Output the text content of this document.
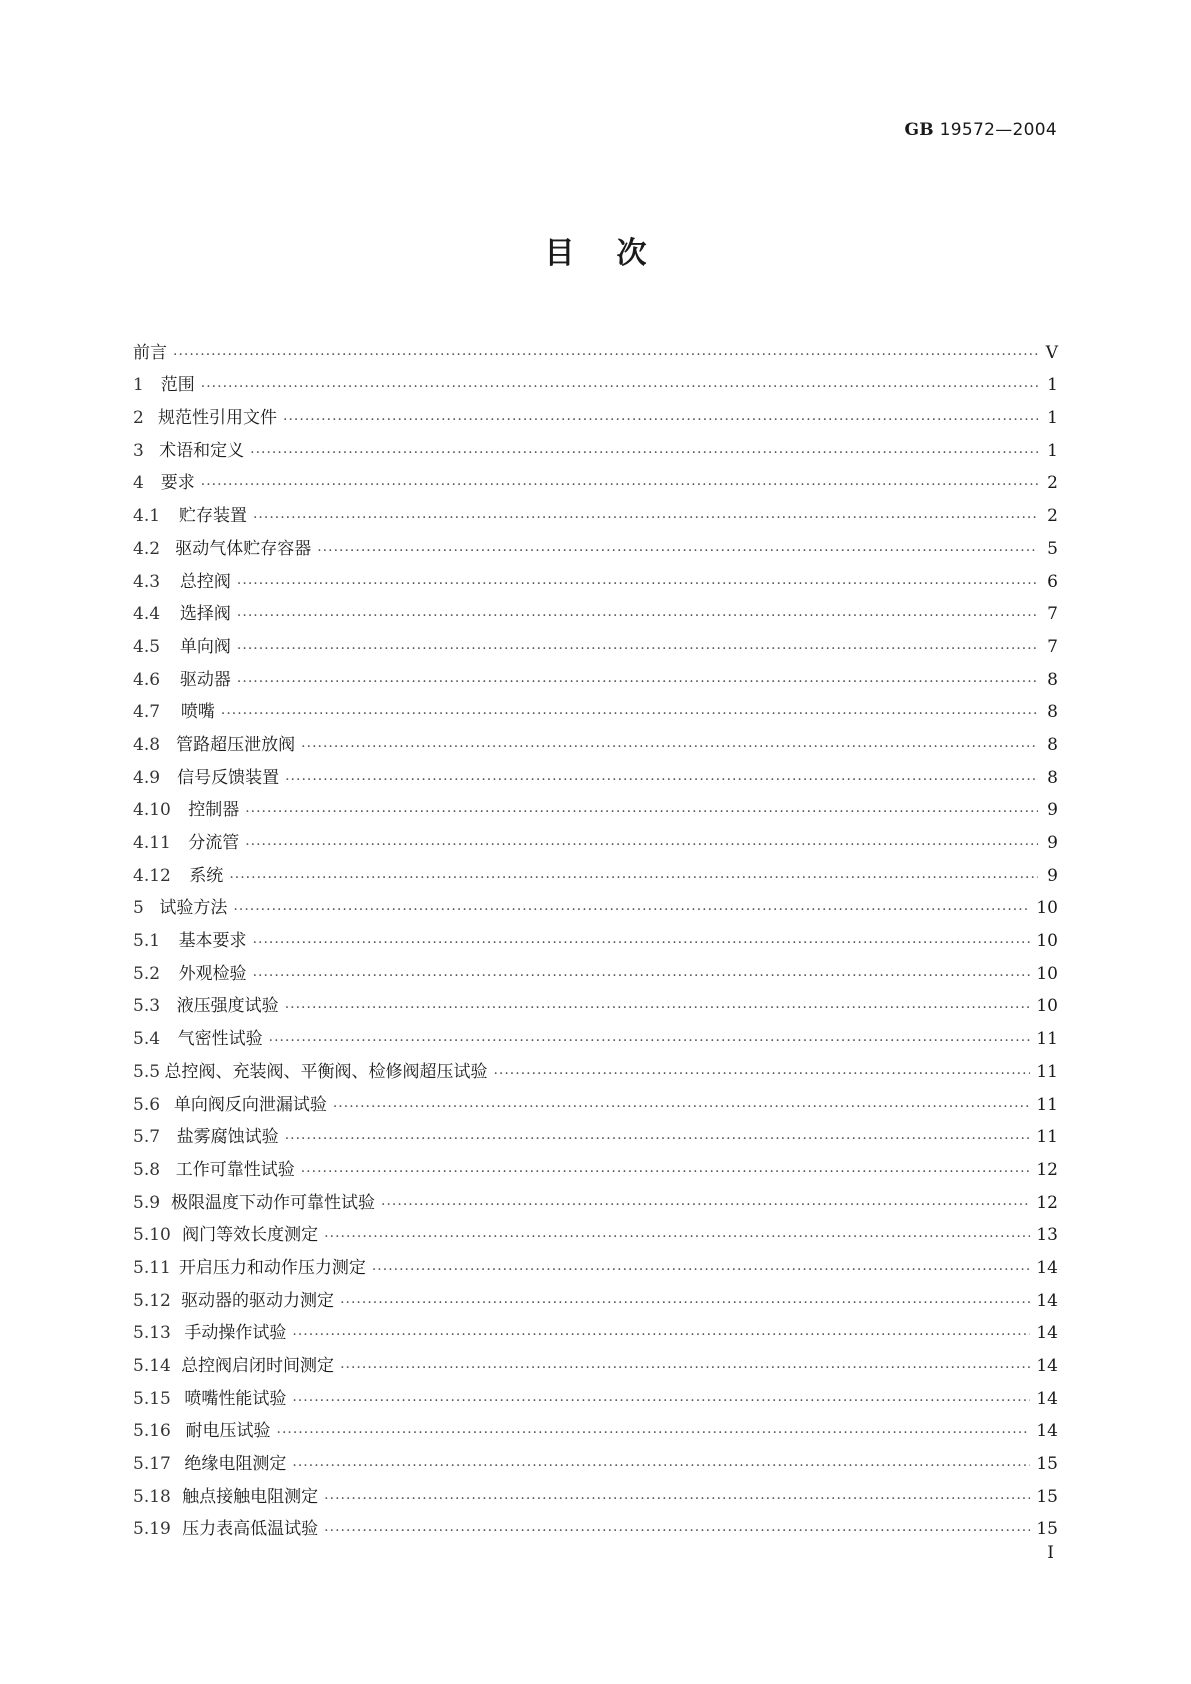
GB 19572—2004
目次
前言 ·····	V
1 范围 ·····	1
2 规范性引用文件 ·····	1
3 术语和定义 ·····	1
4 要求 ·····	2
4.1	贮存装置 ·····	2
4.2 驱动气体贮存容器 ·····	5
4.3	总控阀 ·····	6
4.4	选择阀 ·····	7
4.5	单向阀 ·····	7
4.6	驱动器 ·····	8
4.7	喷嘴 ·····	8
4.8 管路超压泄放阀 ·····	8
4.9	信号反馈装置 ·····	8
4.10	控制器 ·····	9
4.11	分流管 ·····	9
4.12	系统 ·····	9
5 试验方法 ·····	10
5.1	基本要求 ·····	10
5.2	外观检验 ·····	10
5.3 液压强度试验 ·····	10
5.4	气密性试验 ·····	11
5.5 总控阀、充装阀、平衡阀、检修阀超压试验 ·····	11
5.6 单向阀反向泄漏试验 ·····	11
5.7 盐雾腐蚀试验 ·····	11
5.8 工作可靠性试验 ·····	12
5.9 极限温度下动作可靠性试验 ·····	12
5.10 阀门等效长度测定 ·····	13
5.11 开启压力和动作压力测定 ·····	14
5.12 驱动器的驱动力测定 ·····	14
5.13 手动操作试验 ·····	14
5.14 总控阀启闭时间测定 ·····	14
5.15 喷嘴性能试验 ·····	14
5.16 耐电压试验 ·····	14
5.17 绝缘电阻测定 ·····	15
5.18 触点接触电阻测定 ·····	15
5.19 压力表高低温试验 ·····	15
I
